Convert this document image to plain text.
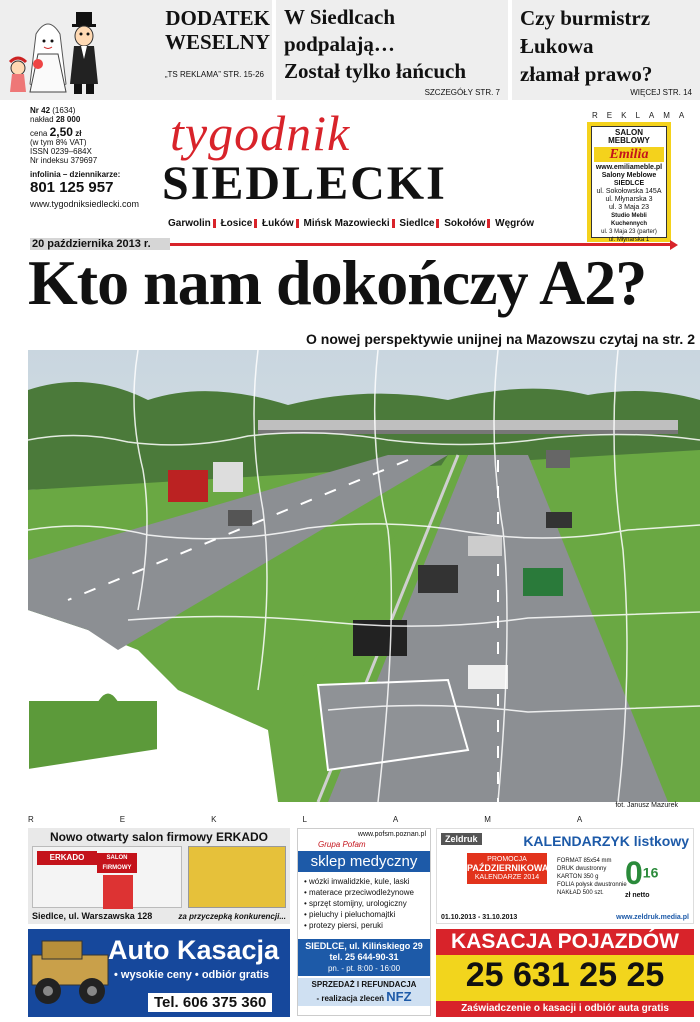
DODATEK
WESELNY
„TS REKLAMA” STR. 15-26
W Siedlcach
podpalają…
Został tylko łańcuch
SZCZEGÓŁY STR. 7
Czy burmistrz
Łukowa
złamał prawo?
WIĘCEJ STR. 14
Nr 42 (1634)
nakład 28 000
cena 2,50 zł
(w tym 8% VAT)
ISSN 0239–684X
Nr indeksu 379697
infolinia – dziennikarze:
801 125 957
www.tygodniksiedlecki.com
tygodnik
SIEDLECKI
Garwolin Łosice Łuków Mińsk Mazowiecki Siedlce Sokołów Węgrów
REKLAMA
SALON MEBLOWY
Emilia
www.emiliameble.pl
Salony Meblowe
SIEDLCE
ul. Sokołowska 145A
ul. Młynarska 3
ul. 3 Maja 23
Studio Mebli Kuchennych
ul. 3 Maja 23 (parter)
ul. Młynarska 1
20 października 2013 r.
Kto nam dokończy A2?
O nowej perspektywie unijnej na Mazowszu czytaj na str. 2
fot. Janusz Mazurek
REKLAMA
Nowo otwarty salon firmowy ERKADO
ERKADO	SALON FIRMOWY
Siedlce, ul. Warszawska 128	za przyczepką konkurencji...
www.pofsm.poznan.pl
Grupa Pofam
sklep medyczny
• wózki inwalidzkie, kule, laski
• materace przeciwodleżynowe
• sprzęt stomijny, urologiczny
• pieluchy i pieluchomajtki
• protezy piersi, peruki
SIEDLCE, ul. Kilińskiego 29
tel. 25 644-90-31
pn. - pt. 8:00 - 16:00
SPRZEDAŻ I REFUNDACJA
- realizacja zleceń NFZ
Zeldruk	KALENDARZYK listkowy
PROMOCJA
PAŹDZIERNIKOWA
KALENDARZE 2014
FORMAT 85x54 mm
DRUK dwustronny
KARTON 350 g
FOLIA połysk dwustronnie
NAKŁAD 500 szt.
$0^{16}$
zł netto
01.10.2013 - 31.10.2013	www.zeldruk.media.pl
Auto Kasacja
• wysokie ceny • odbiór gratis
Tel. 606 375 360
KASACJA POJAZDÓW
25 631 25 25
Zaświadczenie o kasacji i odbiór auta gratis
